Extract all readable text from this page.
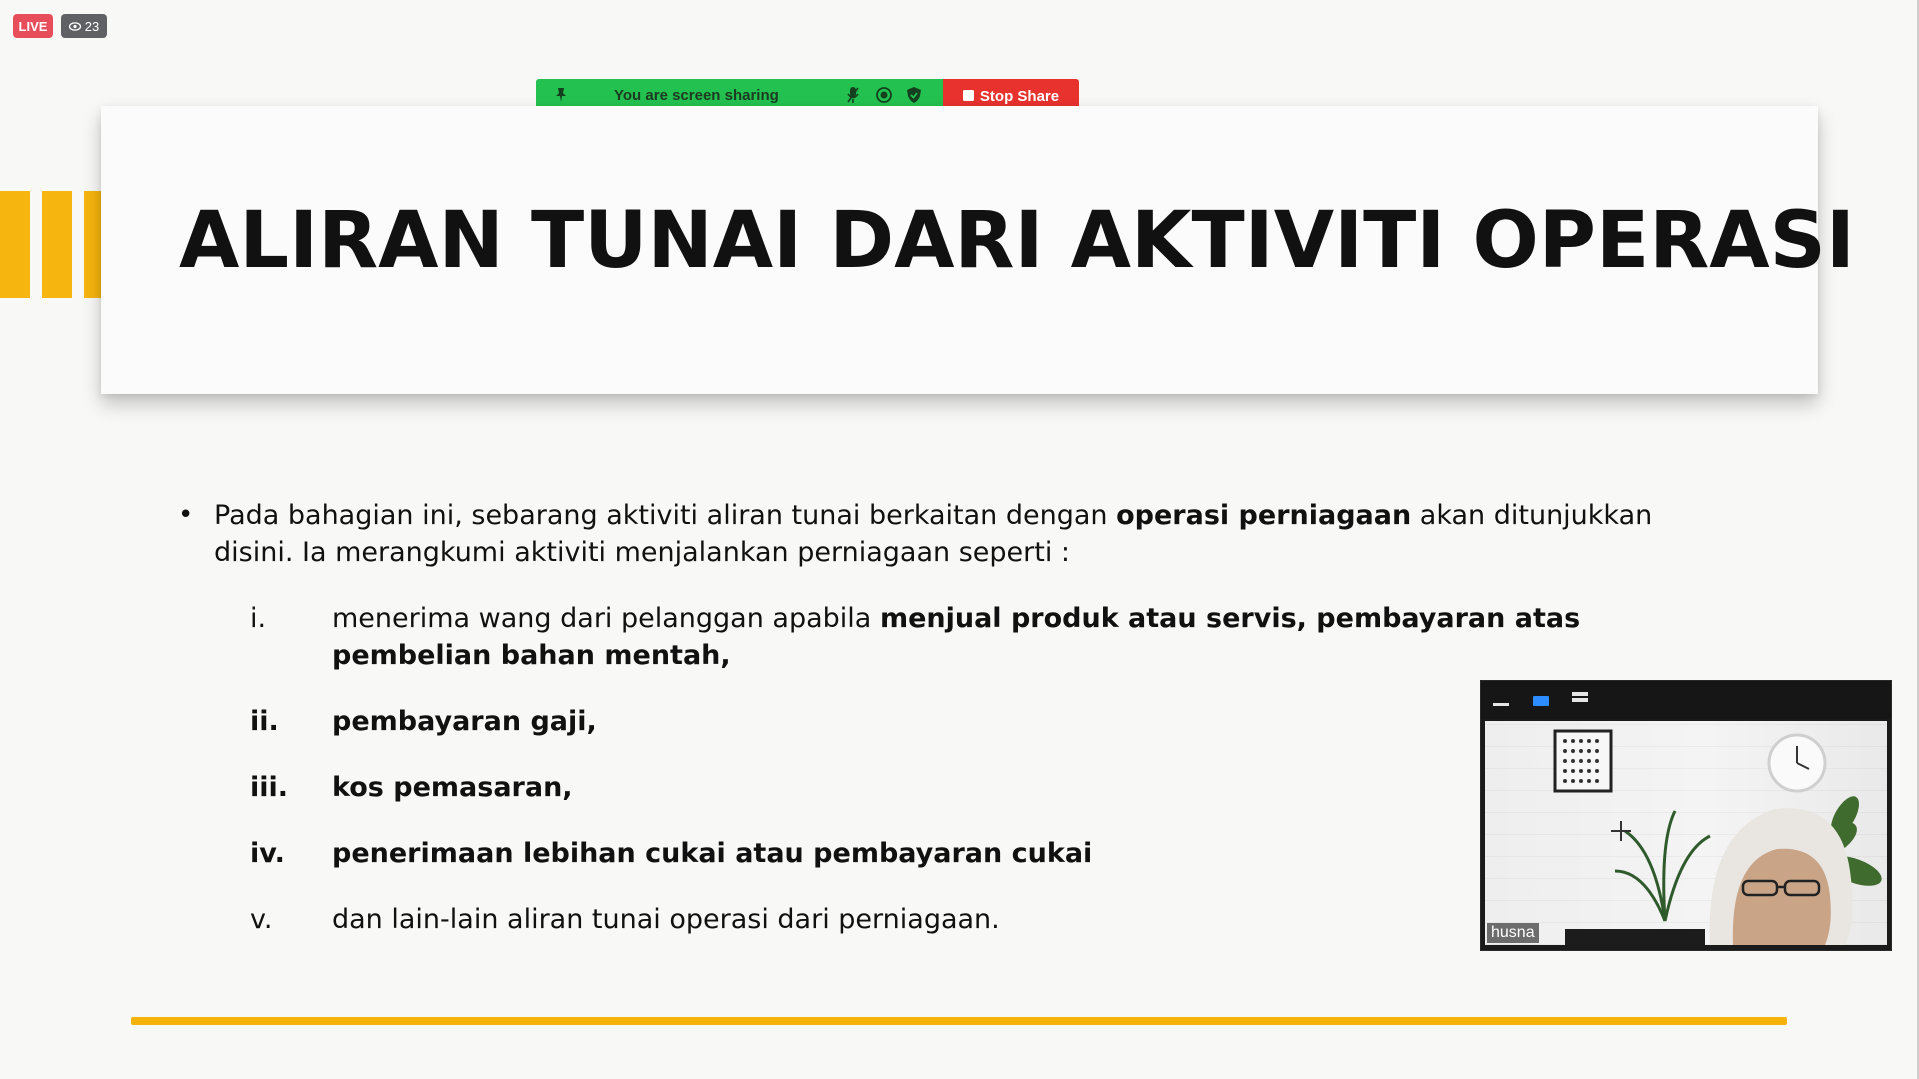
LIVE	23
You are screen sharing	Stop Share
ALIRAN TUNAI DARI AKTIVITI OPERASI
• Pada bahagian ini, sebarang aktiviti aliran tunai berkaitan dengan operasi perniagaan akan ditunjukkan disini. Ia merangkumi aktiviti menjalankan perniagaan seperti :
i. menerima wang dari pelanggan apabila menjual produk atau servis, pembayaran atas pembelian bahan mentah,
ii. pembayaran gaji,
iii. kos pemasaran,
iv. penerimaan lebihan cukai atau pembayaran cukai
v. dan lain-lain aliran tunai operasi dari perniagaan.	husna
